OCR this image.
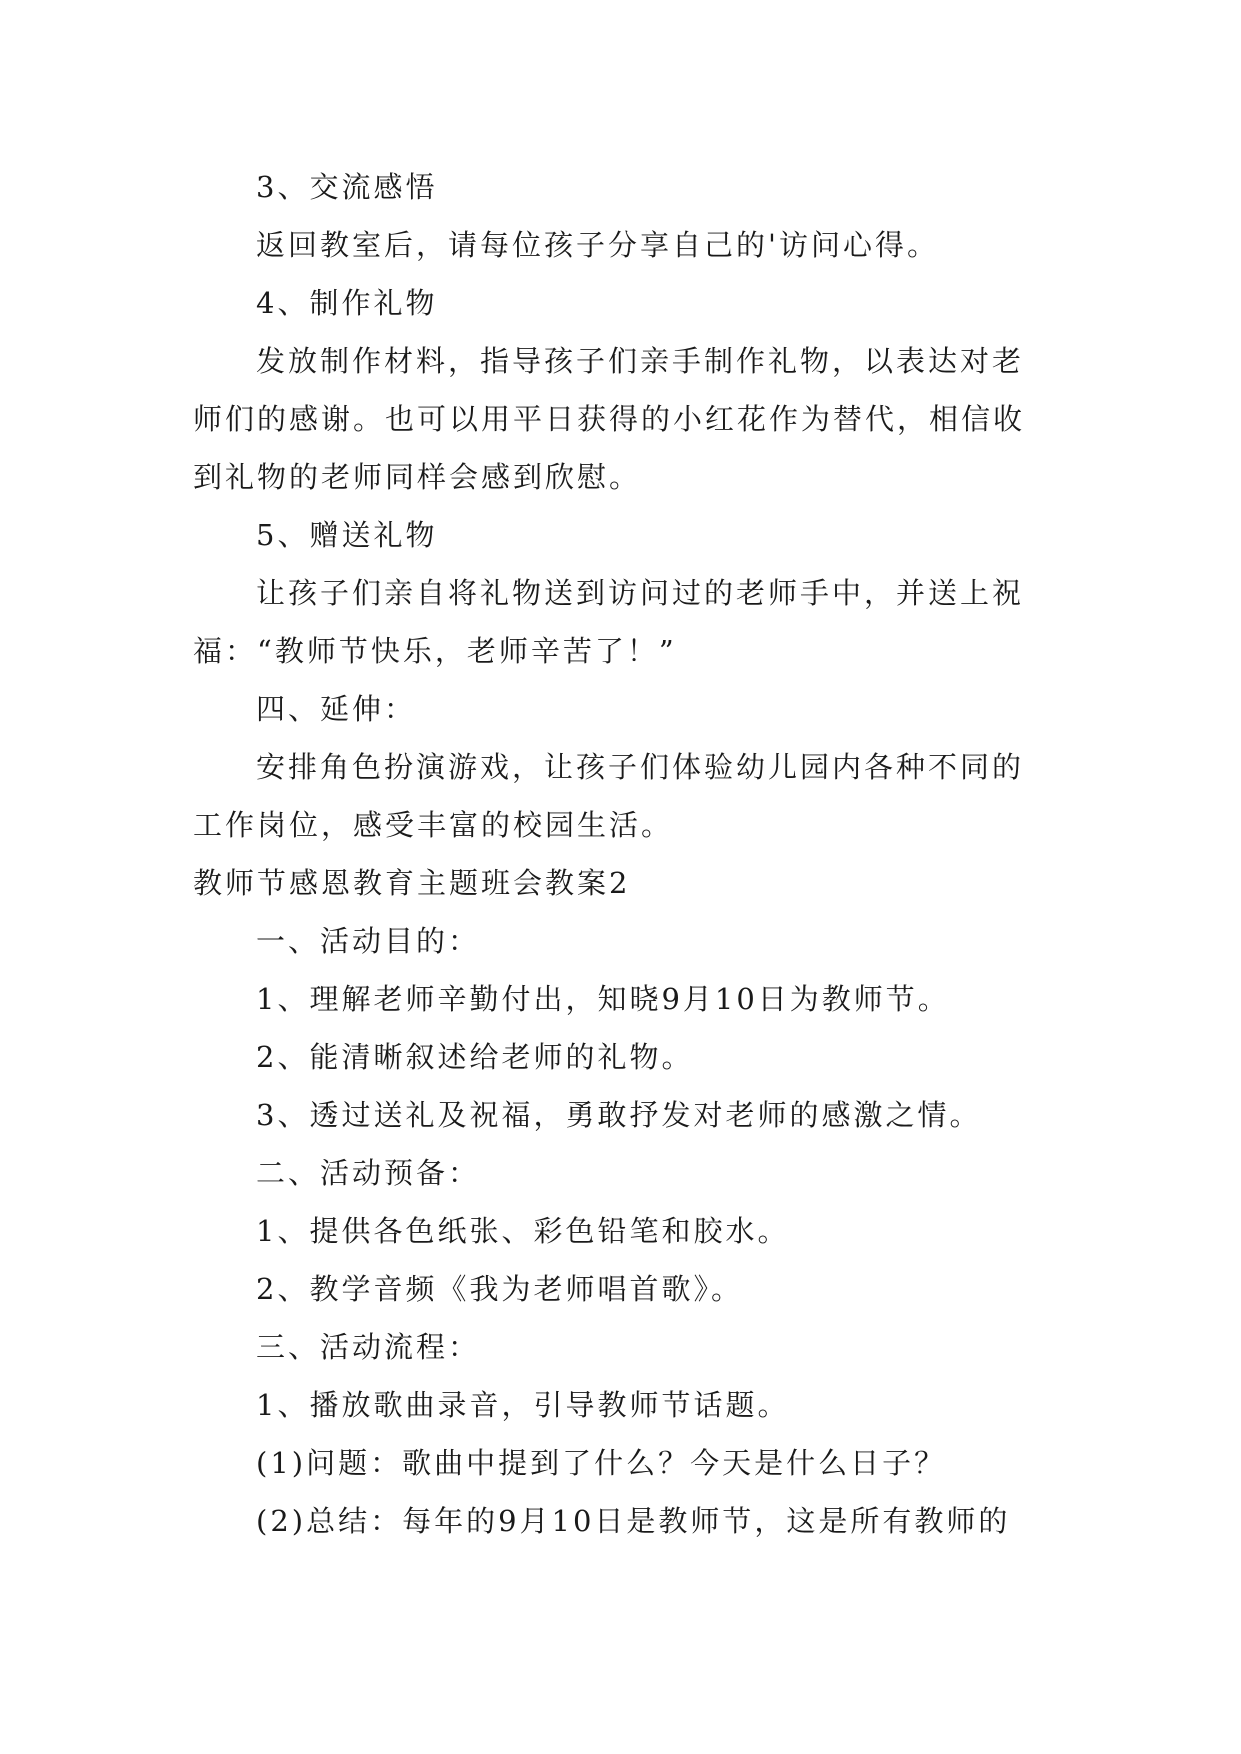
3、交流感悟
返回教室后，请每位孩子分享自己的'访问心得。
4、制作礼物
发放制作材料，指导孩子们亲手制作礼物，以表达对老
师们的感谢。也可以用平日获得的小红花作为替代，相信收
到礼物的老师同样会感到欣慰。
5、赠送礼物
让孩子们亲自将礼物送到访问过的老师手中，并送上祝
福：“教师节快乐，老师辛苦了！”
四、延伸：
安排角色扮演游戏，让孩子们体验幼儿园内各种不同的
工作岗位，感受丰富的校园生活。
教师节感恩教育主题班会教案2
一、活动目的：
1、理解老师辛勤付出，知晓9月10日为教师节。
2、能清晰叙述给老师的礼物。
3、透过送礼及祝福，勇敢抒发对老师的感激之情。
二、活动预备：
1、提供各色纸张、彩色铅笔和胶水。
2、教学音频《我为老师唱首歌》。
三、活动流程：
1、播放歌曲录音，引导教师节话题。
(1)问题：歌曲中提到了什么？今天是什么日子？
(2)总结：每年的9月10日是教师节，这是所有教师的
